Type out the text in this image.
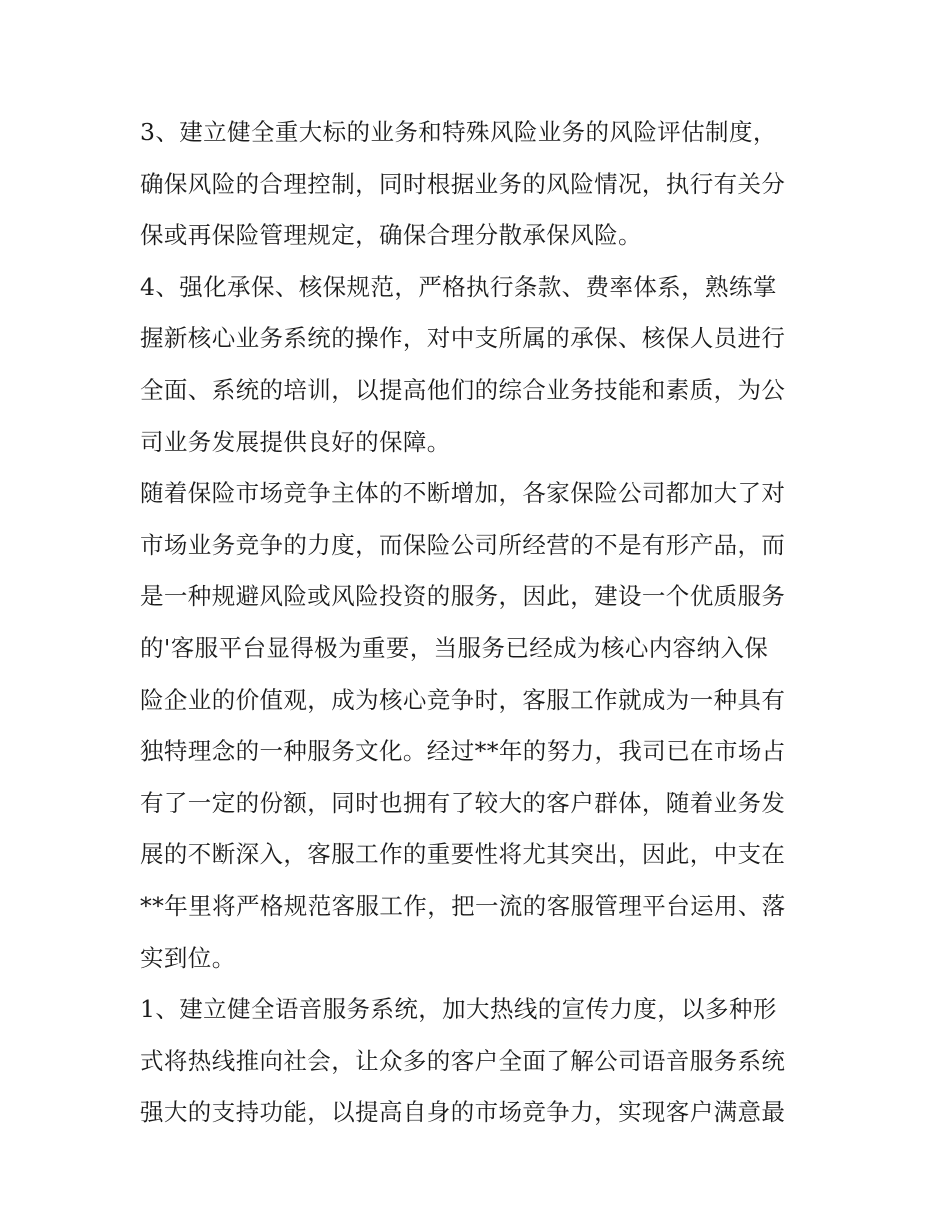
3、建立健全重大标的业务和特殊风险业务的风险评估制度，
确保风险的合理控制，同时根据业务的风险情况，执行有关分
保或再保险管理规定，确保合理分散承保风险。
4、强化承保、核保规范，严格执行条款、费率体系，熟练掌
握新核心业务系统的操作，对中支所属的承保、核保人员进行
全面、系统的培训，以提高他们的综合业务技能和素质，为公
司业务发展提供良好的保障。
随着保险市场竞争主体的不断增加，各家保险公司都加大了对
市场业务竞争的力度，而保险公司所经营的不是有形产品，而
是一种规避风险或风险投资的服务，因此，建设一个优质服务
的'客服平台显得极为重要，当服务已经成为核心内容纳入保
险企业的价值观，成为核心竞争时，客服工作就成为一种具有
独特理念的一种服务文化。经过**年的努力，我司已在市场占
有了一定的份额，同时也拥有了较大的客户群体，随着业务发
展的不断深入，客服工作的重要性将尤其突出，因此，中支在
**年里将严格规范客服工作，把一流的客服管理平台运用、落
实到位。
1、建立健全语音服务系统，加大热线的宣传力度，以多种形
式将热线推向社会，让众多的客户全面了解公司语音服务系统
强大的支持功能，以提高自身的市场竞争力，实现客户满意最
